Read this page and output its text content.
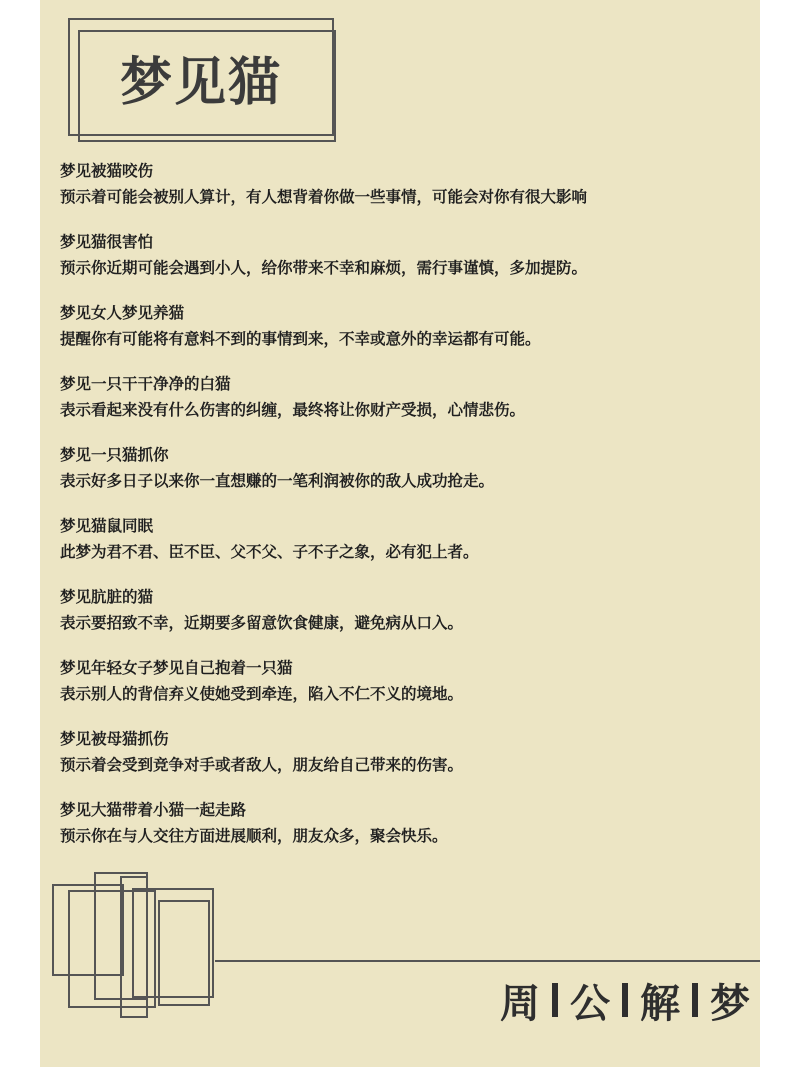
梦见猫
梦见被猫咬伤
预示着可能会被别人算计，有人想背着你做一些事情，可能会对你有很大影响
梦见猫很害怕
预示你近期可能会遇到小人，给你带来不幸和麻烦，需行事谨慎，多加提防。
梦见女人梦见养猫
提醒你有可能将有意料不到的事情到来，不幸或意外的幸运都有可能。
梦见一只干干净净的白猫
表示看起来没有什么伤害的纠缠，最终将让你财产受损，心情悲伤。
梦见一只猫抓你
表示好多日子以来你一直想赚的一笔利润被你的敌人成功抢走。
梦见猫鼠同眠
此梦为君不君、臣不臣、父不父、子不子之象，必有犯上者。
梦见肮脏的猫
表示要招致不幸，近期要多留意饮食健康，避免病从口入。
梦见年轻女子梦见自己抱着一只猫
表示别人的背信弃义使她受到牵连，陷入不仁不义的境地。
梦见被母猫抓伤
预示着会受到竞争对手或者敌人，朋友给自己带来的伤害。
梦见大猫带着小猫一起走路
预示你在与人交往方面进展顺利，朋友众多，聚会快乐。
周 公 解 梦
